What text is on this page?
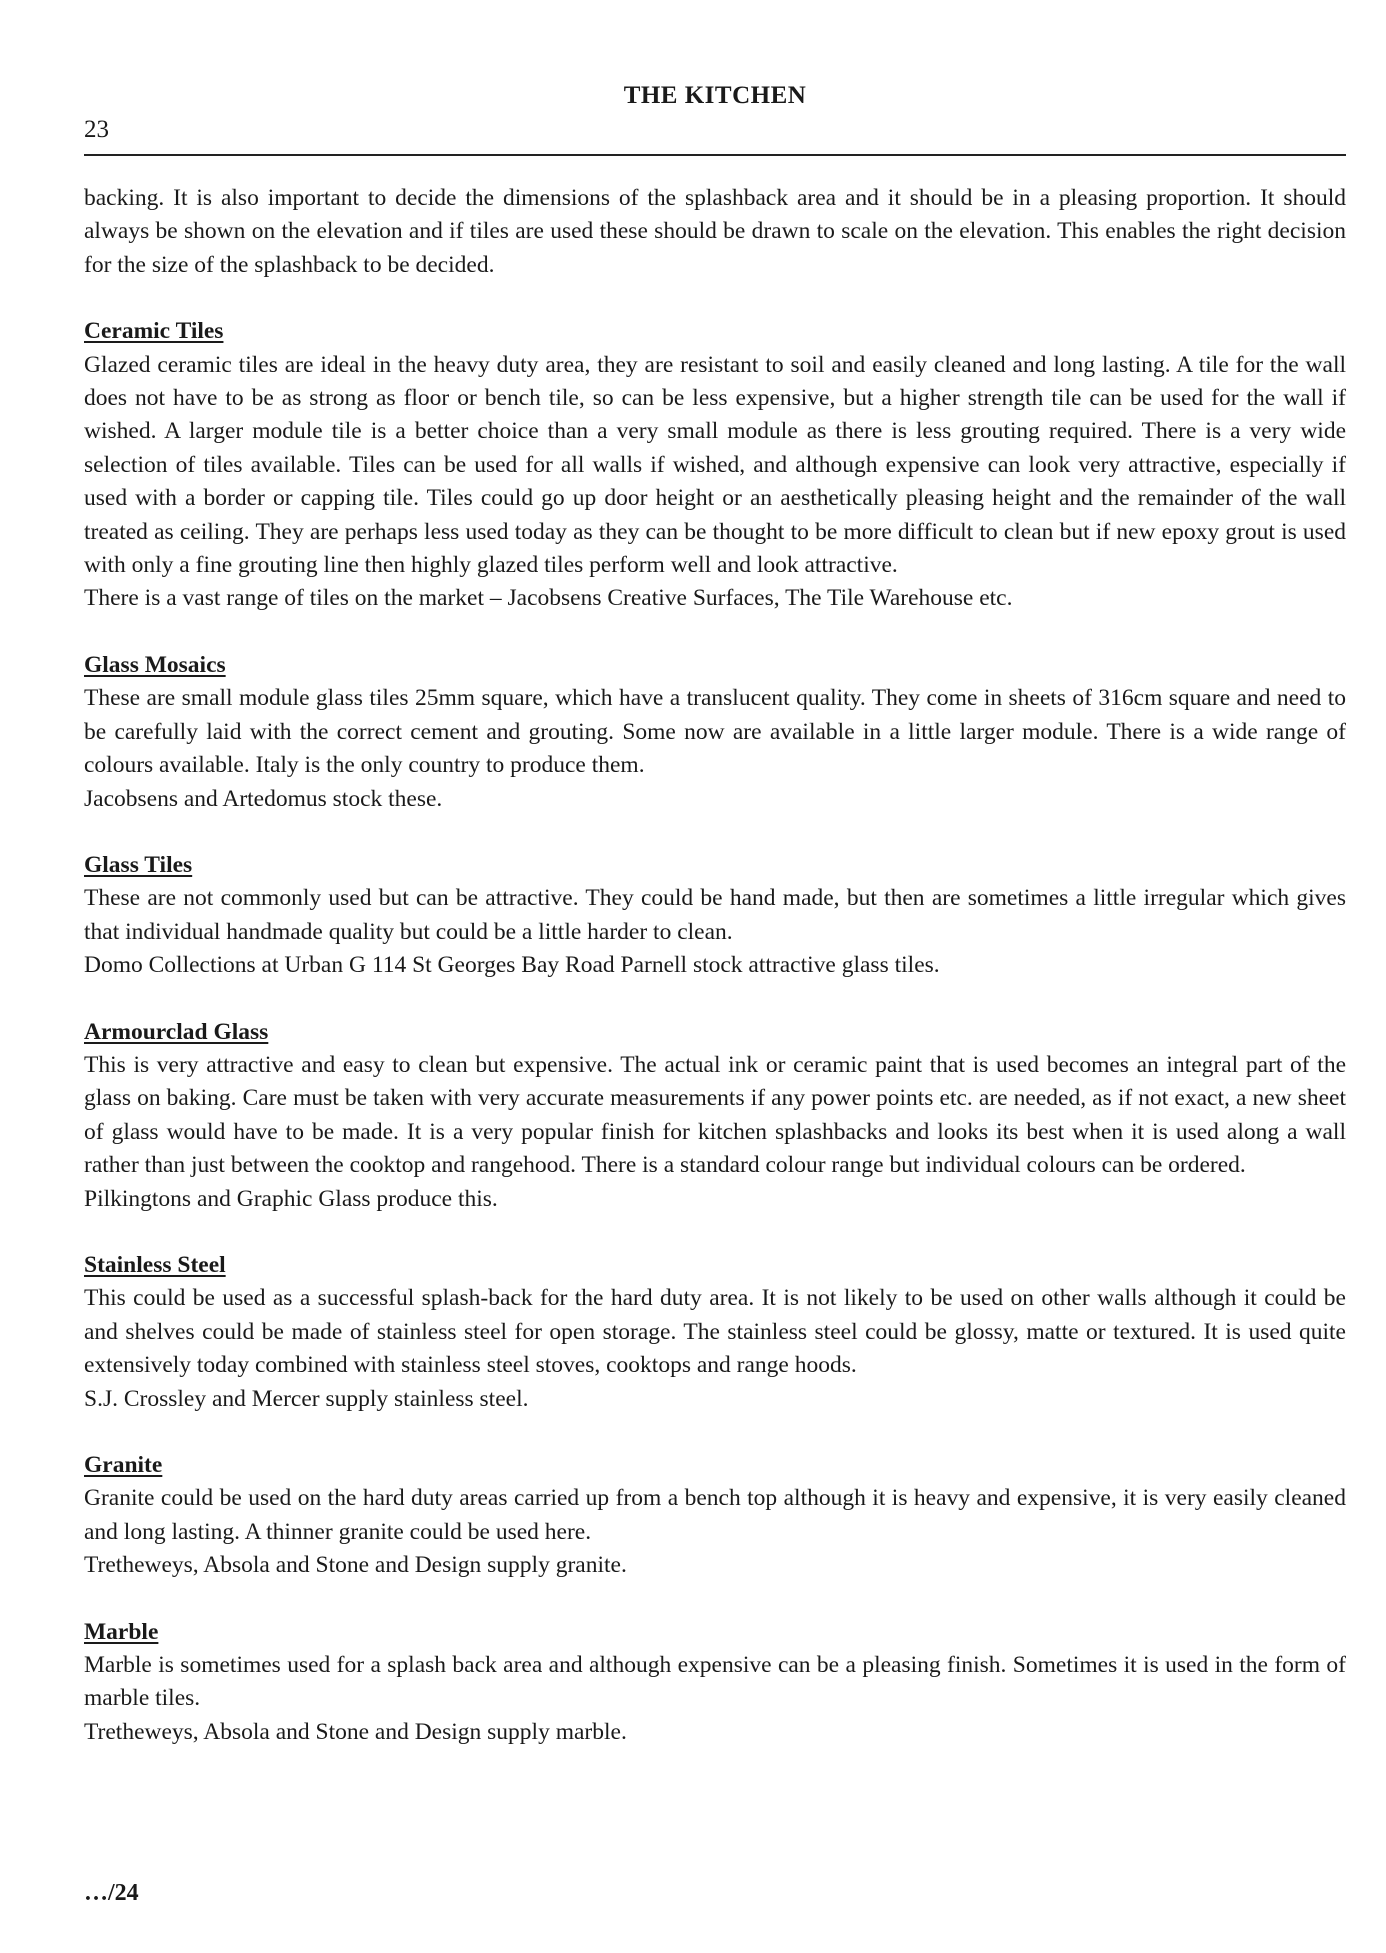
THE KITCHEN
23

backing. It is also important to decide the dimensions of the splashback area and it should be in a pleasing proportion. It should always be shown on the elevation and if tiles are used these should be drawn to scale on the elevation. This enables the right decision for the size of the splashback to be decided.

Ceramic Tiles

Glazed ceramic tiles are ideal in the heavy duty area, they are resistant to soil and easily cleaned and long lasting. A tile for the wall does not have to be as strong as floor or bench tile, so can be less expensive, but a higher strength tile can be used for the wall if wished. A larger module tile is a better choice than a very small module as there is less grouting required. There is a very wide selection of tiles available. Tiles can be used for all walls if wished, and although expensive can look very attractive, especially if used with a border or capping tile. Tiles could go up door height or an aesthetically pleasing height and the remainder of the wall treated as ceiling. They are perhaps less used today as they can be thought to be more difficult to clean but if new epoxy grout is used with only a fine grouting line then highly glazed tiles perform well and look attractive.

There is a vast range of tiles on the market – Jacobsens Creative Surfaces, The Tile Warehouse etc.

Glass Mosaics

These are small module glass tiles 25mm square, which have a translucent quality. They come in sheets of 316cm square and need to be carefully laid with the correct cement and grouting. Some now are available in a little larger module. There is a wide range of colours available. Italy is the only country to produce them.

Jacobsens and Artedomus stock these.

Glass Tiles

These are not commonly used but can be attractive. They could be hand made, but then are sometimes a little irregular which gives that individual handmade quality but could be a little harder to clean.

Domo Collections at Urban G 114 St Georges Bay Road Parnell stock attractive glass tiles.

Armourclad Glass

This is very attractive and easy to clean but expensive. The actual ink or ceramic paint that is used becomes an integral part of the glass on baking. Care must be taken with very accurate measurements if any power points etc. are needed, as if not exact, a new sheet of glass would have to be made. It is a very popular finish for kitchen splashbacks and looks its best when it is used along a wall rather than just between the cooktop and rangehood. There is a standard colour range but individual colours can be ordered.

Pilkingtons and Graphic Glass produce this.

Stainless Steel

This could be used as a successful splash-back for the hard duty area. It is not likely to be used on other walls although it could be and shelves could be made of stainless steel for open storage. The stainless steel could be glossy, matte or textured. It is used quite extensively today combined with stainless steel stoves, cooktops and range hoods.

S.J. Crossley and Mercer supply stainless steel.

Granite

Granite could be used on the hard duty areas carried up from a bench top although it is heavy and expensive, it is very easily cleaned and long lasting. A thinner granite could be used here.

Tretheweys, Absola and Stone and Design supply granite.

Marble

Marble is sometimes used for a splash back area and although expensive can be a pleasing finish. Sometimes it is used in the form of marble tiles.

Tretheweys, Absola and Stone and Design supply marble.

…/24
